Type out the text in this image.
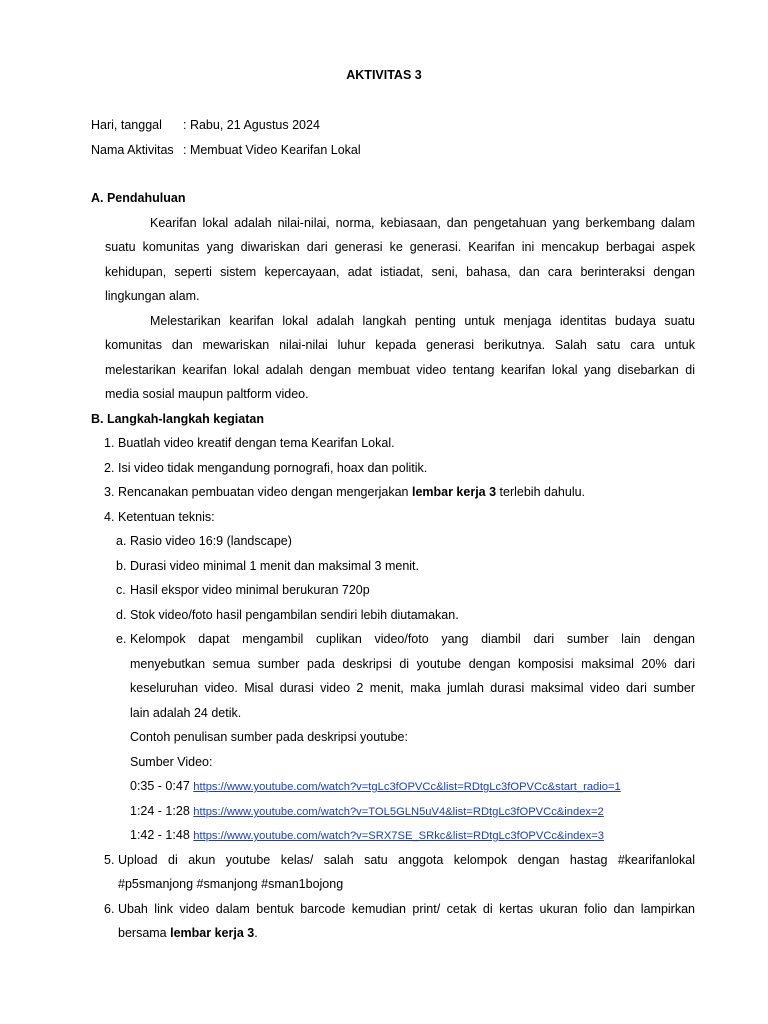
AKTIVITAS 3
Hari, tanggal : Rabu, 21 Agustus 2024
Nama Aktivitas : Membuat Video Kearifan Lokal
A. Pendahuluan
Kearifan lokal adalah nilai-nilai, norma, kebiasaan, dan pengetahuan yang berkembang dalam
suatu komunitas yang diwariskan dari generasi ke generasi. Kearifan ini mencakup berbagai aspek
kehidupan, seperti sistem kepercayaan, adat istiadat, seni, bahasa, dan cara berinteraksi dengan
lingkungan alam.
Melestarikan kearifan lokal adalah langkah penting untuk menjaga identitas budaya suatu
komunitas dan mewariskan nilai-nilai luhur kepada generasi berikutnya. Salah satu cara untuk
melestarikan kearifan lokal adalah dengan membuat video tentang kearifan lokal yang disebarkan di
media sosial maupun paltform video.
B. Langkah-langkah kegiatan
1. Buatlah video kreatif dengan tema Kearifan Lokal.
2. Isi video tidak mengandung pornografi, hoax dan politik.
3. Rencanakan pembuatan video dengan mengerjakan lembar kerja 3 terlebih dahulu.
4. Ketentuan teknis:
a. Rasio video 16:9 (landscape)
b. Durasi video minimal 1 menit dan maksimal 3 menit.
c. Hasil ekspor video minimal berukuran 720p
d. Stok video/foto hasil pengambilan sendiri lebih diutamakan.
e. Kelompok dapat mengambil cuplikan video/foto yang diambil dari sumber lain dengan
menyebutkan semua sumber pada deskripsi di youtube dengan komposisi maksimal 20% dari
keseluruhan video. Misal durasi video 2 menit, maka jumlah durasi maksimal video dari sumber
lain adalah 24 detik.
Contoh penulisan sumber pada deskripsi youtube:
Sumber Video:
0:35 - 0:47 https://www.youtube.com/watch?v=tgLc3fOPVCc&list=RDtgLc3fOPVCc&start_radio=1
1:24 - 1:28 https://www.youtube.com/watch?v=TOL5GLN5uV4&list=RDtgLc3fOPVCc&index=2
1:42 - 1:48 https://www.youtube.com/watch?v=SRX7SE_SRkc&list=RDtgLc3fOPVCc&index=3
5. Upload di akun youtube kelas/ salah satu anggota kelompok dengan hastag #kearifanlokal
#p5smanjong #smanjong #sman1bojong
6. Ubah link video dalam bentuk barcode kemudian print/ cetak di kertas ukuran folio dan lampirkan
bersama lembar kerja 3.
